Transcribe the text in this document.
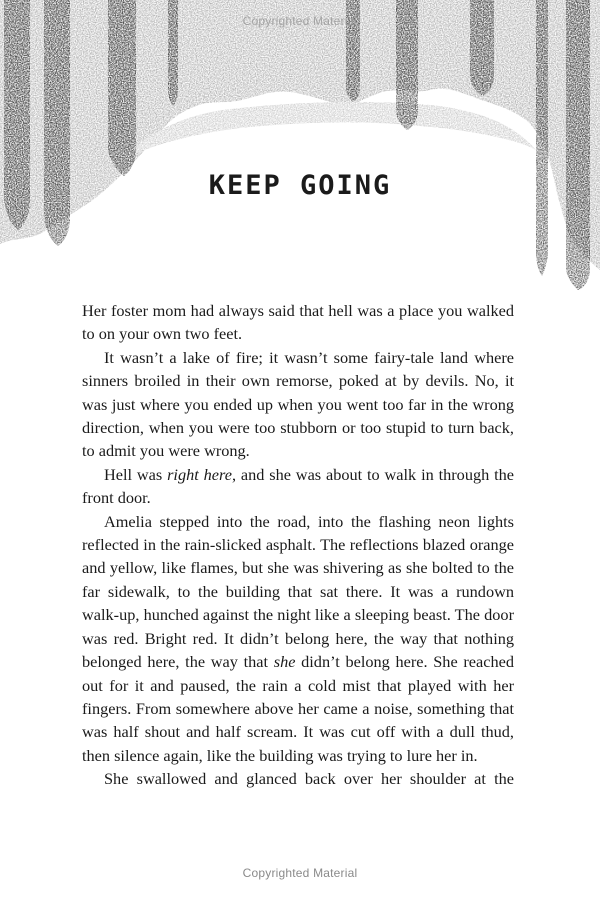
Copyrighted Material
KEEP GOING

Her foster mom had always said that hell was a place you walked to on your own two feet.

It wasn’t a lake of fire; it wasn’t some fairy-tale land where sinners broiled in their own remorse, poked at by devils. No, it was just where you ended up when you went too far in the wrong direction, when you were too stubborn or too stupid to turn back, to admit you were wrong.

Hell was right here, and she was about to walk in through the front door.

Amelia stepped into the road, into the flashing neon lights reflected in the rain-slicked asphalt. The reflections blazed orange and yellow, like flames, but she was shivering as she bolted to the far sidewalk, to the building that sat there. It was a rundown walk-up, hunched against the night like a sleeping beast. The door was red. Bright red. It didn’t belong here, the way that nothing belonged here, the way that she didn’t belong here. She reached out for it and paused, the rain a cold mist that played with her fingers. From somewhere above her came a noise, something that was half shout and half scream. It was cut off with a dull thud, then silence again, like the building was trying to lure her in.

She swallowed and glanced back over her shoulder at the

Copyrighted Material
